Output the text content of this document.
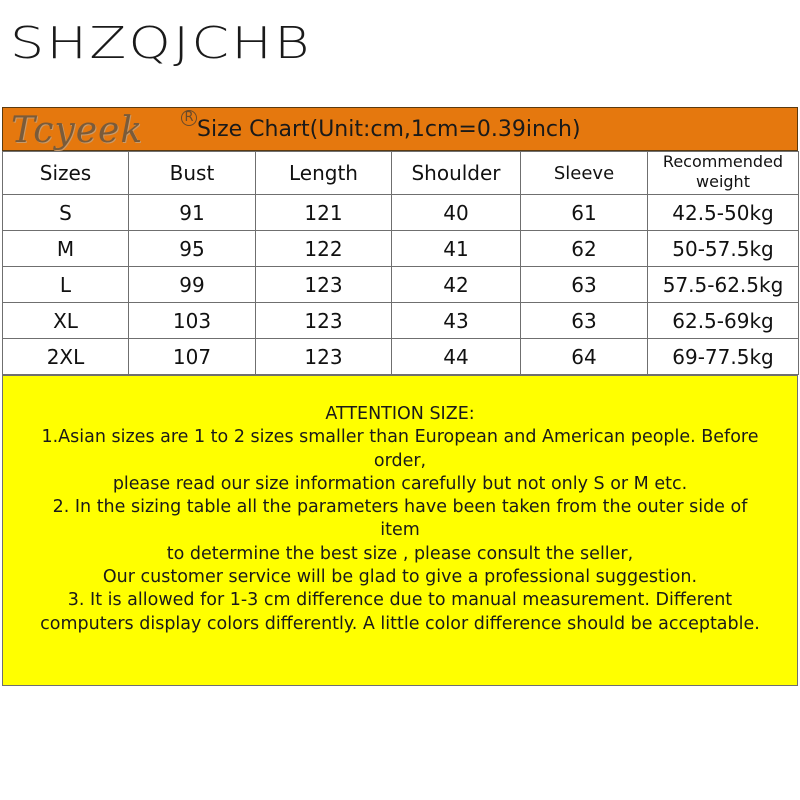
SHZQJCHB
Tcyeek	R Size Chart(Unit:cm,1cm=0.39inch)
Sizes	Bust	Length	Shoulder	Sleeve	Recommended
weight

S	91	121	40	61	42.5-50kg
M	95	122	41	62	50-57.5kg
L	99	123	42	63	57.5-62.5kg
XL	103	123	43	63	62.5-69kg
2XL	107	123	44	64	69-77.5kg
ATTENTION SIZE:
1.Asian sizes are 1 to 2 sizes smaller than European and American people. Before
order,
please read our size information carefully but not only S or M etc.
2. In the sizing table all the parameters have been taken from the outer side of
item
to determine the best size , please consult the seller,
Our customer service will be glad to give a professional suggestion.
3. It is allowed for 1-3 cm difference due to manual measurement. Different
computers display colors differently. A little color difference should be acceptable.
